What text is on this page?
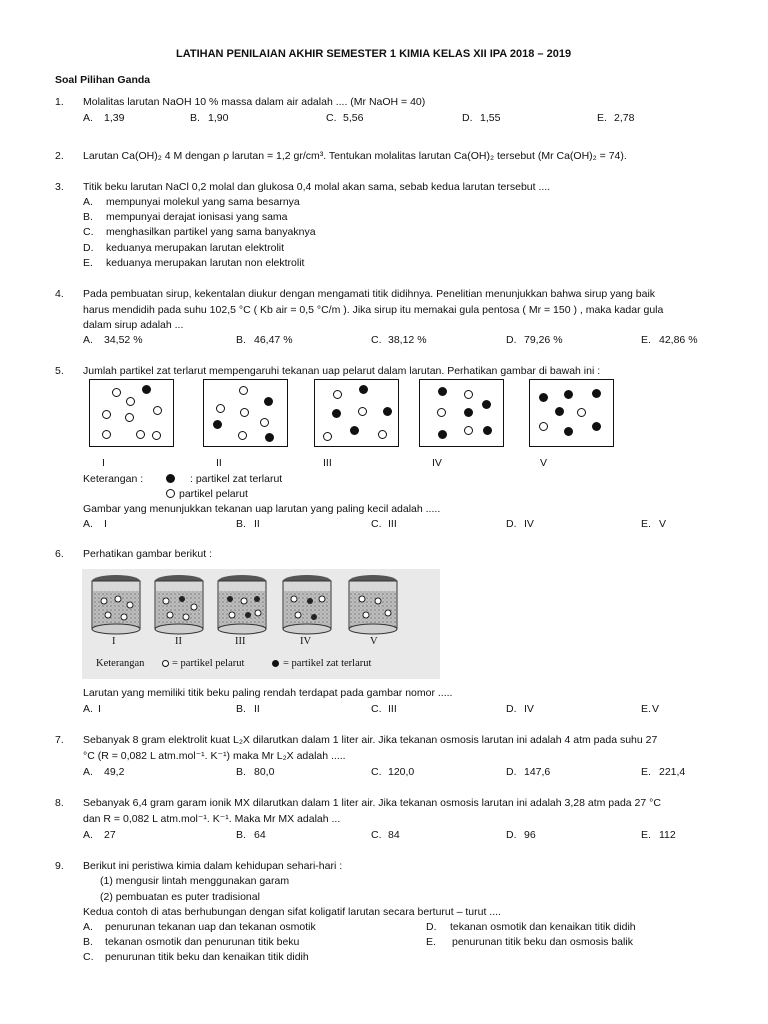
LATIHAN PENILAIAN AKHIR SEMESTER 1 KIMIA KELAS XII IPA 2018 – 2019
Soal Pilihan Ganda
1. Molalitas larutan NaOH 10 % massa dalam air adalah .... (Mr NaOH = 40)
A. 1,39	B. 1,90	C. 5,56	D. 1,55	E. 2,78
2. Larutan Ca(OH)₂ 4 M dengan ρ larutan = 1,2 gr/cm³. Tentukan molalitas larutan Ca(OH)₂ tersebut (Mr Ca(OH)₂ = 74).
3. Titik beku larutan NaCl 0,2 molal dan glukosa 0,4 molal akan sama, sebab kedua larutan tersebut ....
A. mempunyai molekul yang sama besarnya
B. mempunyai derajat ionisasi yang sama
C. menghasilkan partikel yang sama banyaknya
D. keduanya merupakan larutan elektrolit
E. keduanya merupakan larutan non elektrolit
4. Pada pembuatan sirup, kekentalan diukur dengan mengamati titik didihnya. Penelitian menunjukkan bahwa sirup yang baik
harus mendidih pada suhu 102,5 °C ( Kb air = 0,5 °C/m ). Jika sirup itu memakai gula pentosa ( Mr = 150 ) , maka kadar gula
dalam sirup adalah ...
A. 34,52 %	B. 46,47 %	C. 38,12 %	D. 79,26 %	E. 42,86 %
5. Jumlah partikel zat terlarut mempengaruhi tekanan uap pelarut dalam larutan. Perhatikan gambar di bawah ini :
I	II	III	IV	V
Keterangan :	: partikel zat terlarut
partikel pelarut
Gambar yang menunjukkan tekanan uap larutan yang paling kecil adalah .....
A. I	B. II	C. III	D. IV	E. V
6. Perhatikan gambar berikut :
I	II	III	IV	V
Keterangan	= partikel pelarut	= partikel zat terlarut
Larutan yang memiliki titik beku paling rendah terdapat pada gambar nomor .....
A. I	B. II	C. III	D. IV	E. V
7. Sebanyak 8 gram elektrolit kuat L₂X dilarutkan dalam 1 liter air. Jika tekanan osmosis larutan ini adalah 4 atm pada suhu 27
°C (R = 0,082 L atm.mol⁻¹. K⁻¹) maka Mr L₂X adalah .....
A. 49,2	B. 80,0	C. 120,0	D. 147,6	E. 221,4
8. Sebanyak 6,4 gram garam ionik MX dilarutkan dalam 1 liter air. Jika tekanan osmosis larutan ini adalah 3,28 atm pada 27 °C
dan R = 0,082 L atm.mol⁻¹. K⁻¹. Maka Mr MX adalah ...
A. 27	B. 64	C. 84	D. 96	E. 112
9. Berikut ini peristiwa kimia dalam kehidupan sehari-hari :
(1) mengusir lintah menggunakan garam
(2) pembuatan es puter tradisional
Kedua contoh di atas berhubungan dengan sifat koligatif larutan secara berturut – turut ....
A. penurunan tekanan uap dan tekanan osmotik
B. tekanan osmotik dan penurunan titik beku
C. penurunan titik beku dan kenaikan titik didih
D. tekanan osmotik dan kenaikan titik didih
E. penurunan titik beku dan osmosis balik
